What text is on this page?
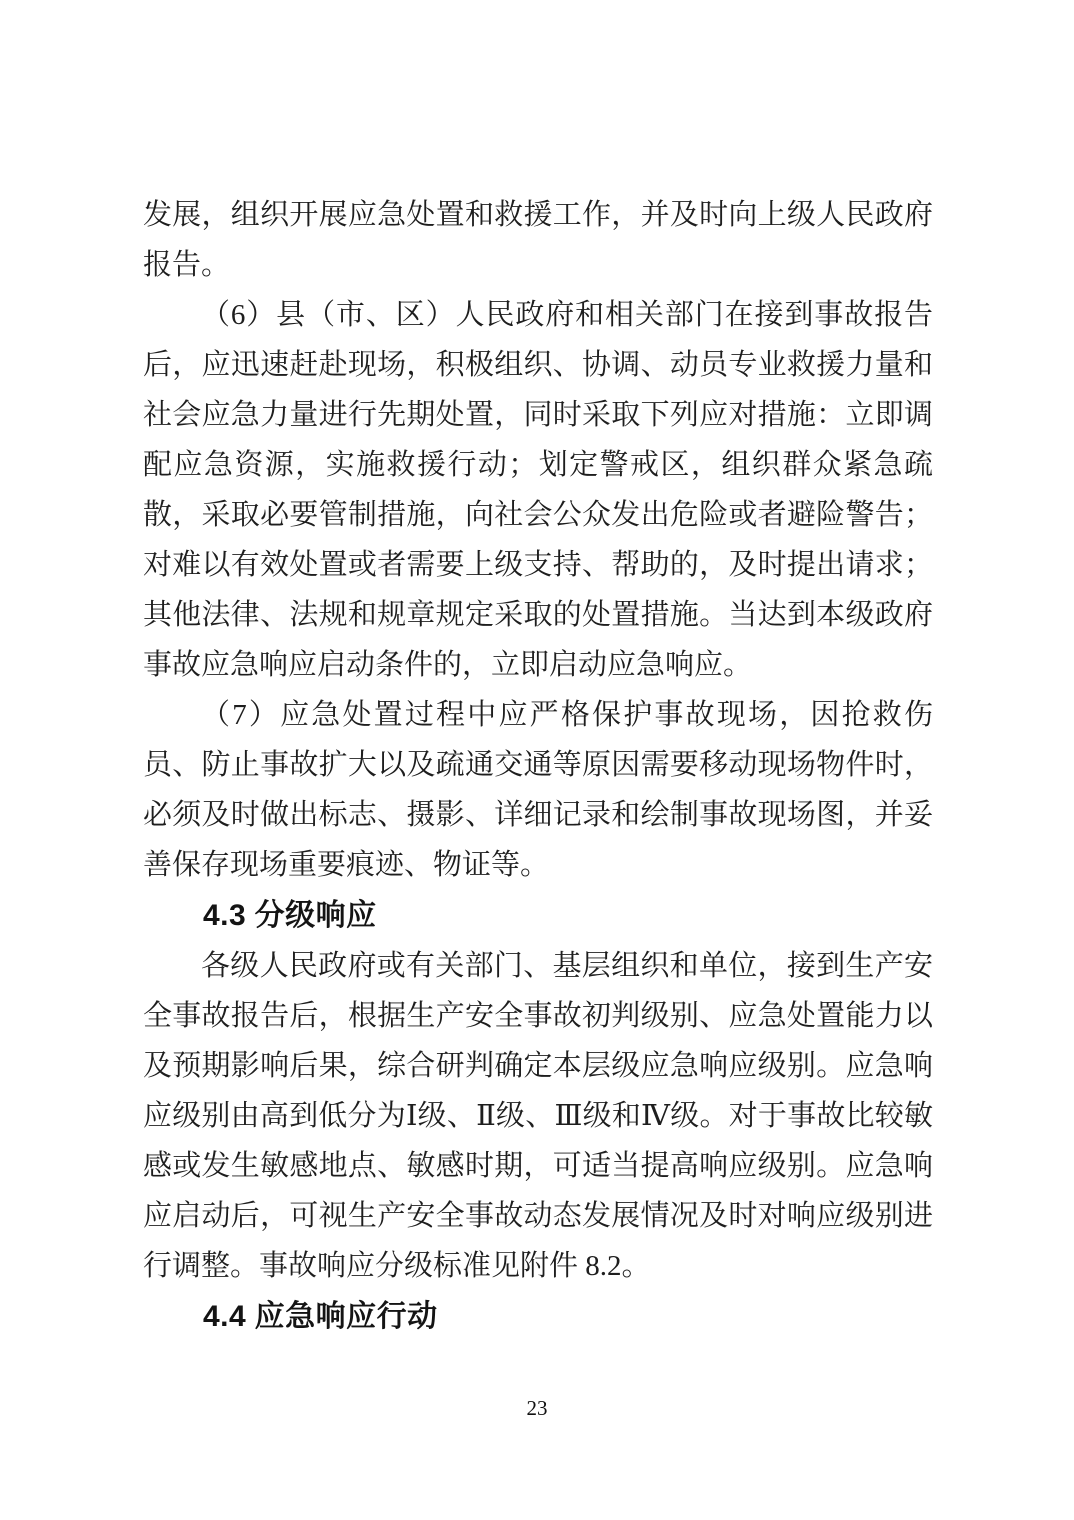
发展，组织开展应急处置和救援工作，并及时向上级人民政府报告。

（6）县（市、区）人民政府和相关部门在接到事故报告后，应迅速赶赴现场，积极组织、协调、动员专业救援力量和社会应急力量进行先期处置，同时采取下列应对措施：立即调配应急资源，实施救援行动；划定警戒区，组织群众紧急疏散，采取必要管制措施，向社会公众发出危险或者避险警告；对难以有效处置或者需要上级支持、帮助的，及时提出请求；其他法律、法规和规章规定采取的处置措施。当达到本级政府事故应急响应启动条件的，立即启动应急响应。

（7）应急处置过程中应严格保护事故现场，因抢救伤员、防止事故扩大以及疏通交通等原因需要移动现场物件时，必须及时做出标志、摄影、详细记录和绘制事故现场图，并妥善保存现场重要痕迹、物证等。

4.3 分级响应

各级人民政府或有关部门、基层组织和单位，接到生产安全事故报告后，根据生产安全事故初判级别、应急处置能力以及预期影响后果，综合研判确定本层级应急响应级别。应急响应级别由高到低分为Ⅰ级、Ⅱ级、Ⅲ级和Ⅳ级。对于事故比较敏感或发生敏感地点、敏感时期，可适当提高响应级别。应急响应启动后，可视生产安全事故动态发展情况及时对响应级别进行调整。事故响应分级标准见附件 8.2。

4.4 应急响应行动
23
